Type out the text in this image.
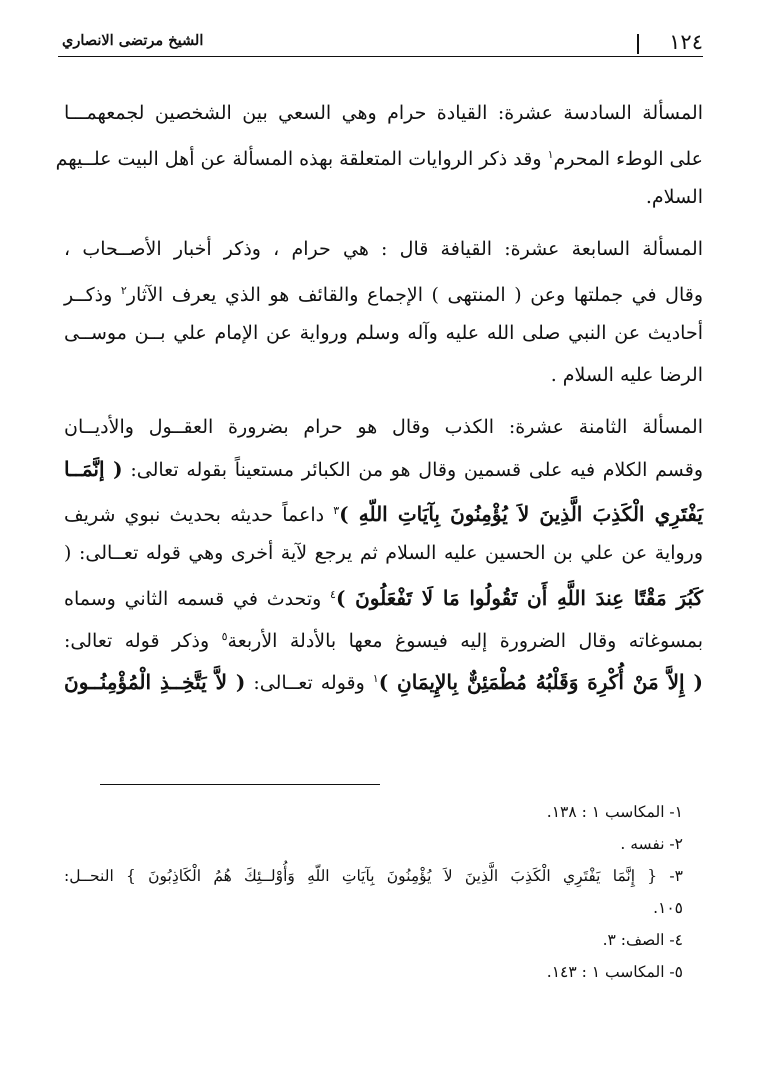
١٢٤
الشيخ مرتضى الانصاري
المسألة السادسة عشرة: القيادة حرام وهي السعي بين الشخصين لجمعهمـــا
على الوطء المحرم$^١$ وقد ذكر الروايات المتعلقة بهذه المسألة عن أهل البيت علــيهم
السلام.
المسألة السابعة عشرة: القيافة قال : هي حرام ، وذكر أخبار الأصــحاب ،
وقال في جملتها وعن ( المنتهى ) الإجماع والقائف هو الذي يعرف الآثار$^٢$ وذكــر
أحاديث عن النبي صلى الله عليه وآله وسلم ورواية عن الإمام علي بــن موســى
الرضا عليه السلام .
المسألة الثامنة عشرة: الكذب وقال هو حرام بضرورة العقــول والأديــان
وقسم الكلام فيه على قسمين وقال هو من الكبائر مستعيناً بقوله تعالى: ( إنَّمَــا
يَفْتَرِي الْكَذِبَ الَّذِينَ لاَ يُؤْمِنُونَ بِآيَاتِ اللّهِ )$^٣$ داعماً حديثه بحديث نبوي شريف
ورواية عن علي بن الحسين عليه السلام ثم يرجع لآية أخرى وهي قوله تعــالى: (
كَبُرَ مَقْتًا عِندَ اللَّهِ أَن تَقُولُوا مَا لَا تَفْعَلُونَ )$^٤$ وتحدث في قسمه الثاني وسماه
بمسوغاته وقال الضرورة إليه فيسوغ معها بالأدلة الأربعة$^٥$ وذكر قوله تعالى:
( إِلاَّ مَنْ أُكْرِهَ وَقَلْبُهُ مُطْمَئِنٌّ بِالإِيمَانِ )$^١$ وقوله تعــالى: ( لاَّ يَتَّخِــذِ الْمُؤْمِنُــونَ
١- المكاسب ١ : ١٣٨.
٢- نفسه .
٣- { إِنَّمَا يَفْتَرِي الْكَذِبَ الَّذِينَ لاَ يُؤْمِنُونَ بِآيَاتِ اللّهِ وَأُوْلــئِكَ هُمُ الْكَاذِبُونَ } النحــل:
١٠٥.
٤- الصف: ٣.
٥- المكاسب ١ : ١٤٣.
